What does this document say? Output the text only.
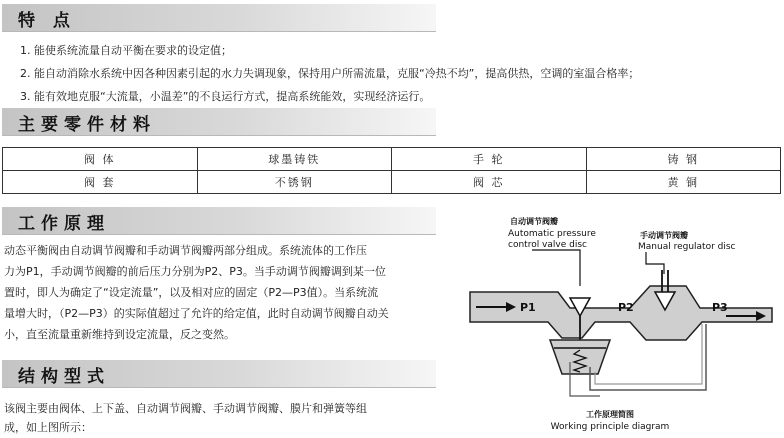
特 点
1. 能使系统流量自动平衡在要求的设定值；
2. 能自动消除水系统中因各种因素引起的水力失调现象，保持用户所需流量，克服“冷热不均”，提高供热，空调的室温合格率；
3. 能有效地克服“大流量，小温差”的不良运行方式，提高系统能效，实现经济运行。
主要零件材料
阀 体	球墨铸铁	手 轮	铸 钢
阀 套	不锈钢	阀 芯	黄 铜
工作原理
动态平衡阀由自动调节阀瓣和手动调节阀瓣两部分组成。系统流体的工作压
力为P1，手动调节阀瓣的前后压力分别为P2、P3。当手动调节阀瓣调到某一位
置时，即人为确定了“设定流量”，以及相对应的固定（P2—P3值）。当系统流
量增大时，（P2—P3）的实际值超过了允许的给定值，此时自动调节阀瓣自动关
小，直至流量重新维持到设定流量，反之变然。
结构型式
该阀主要由阀体、上下盖、自动调节阀瓣、手动调节阀瓣、膜片和弹簧等组
成，如上图所示：
自动调节阀瓣
Automatic pressure
control valve disc
手动调节阀瓣
Manual regulator disc
P1	P2	P3
工作原理简图
Working principle diagram
